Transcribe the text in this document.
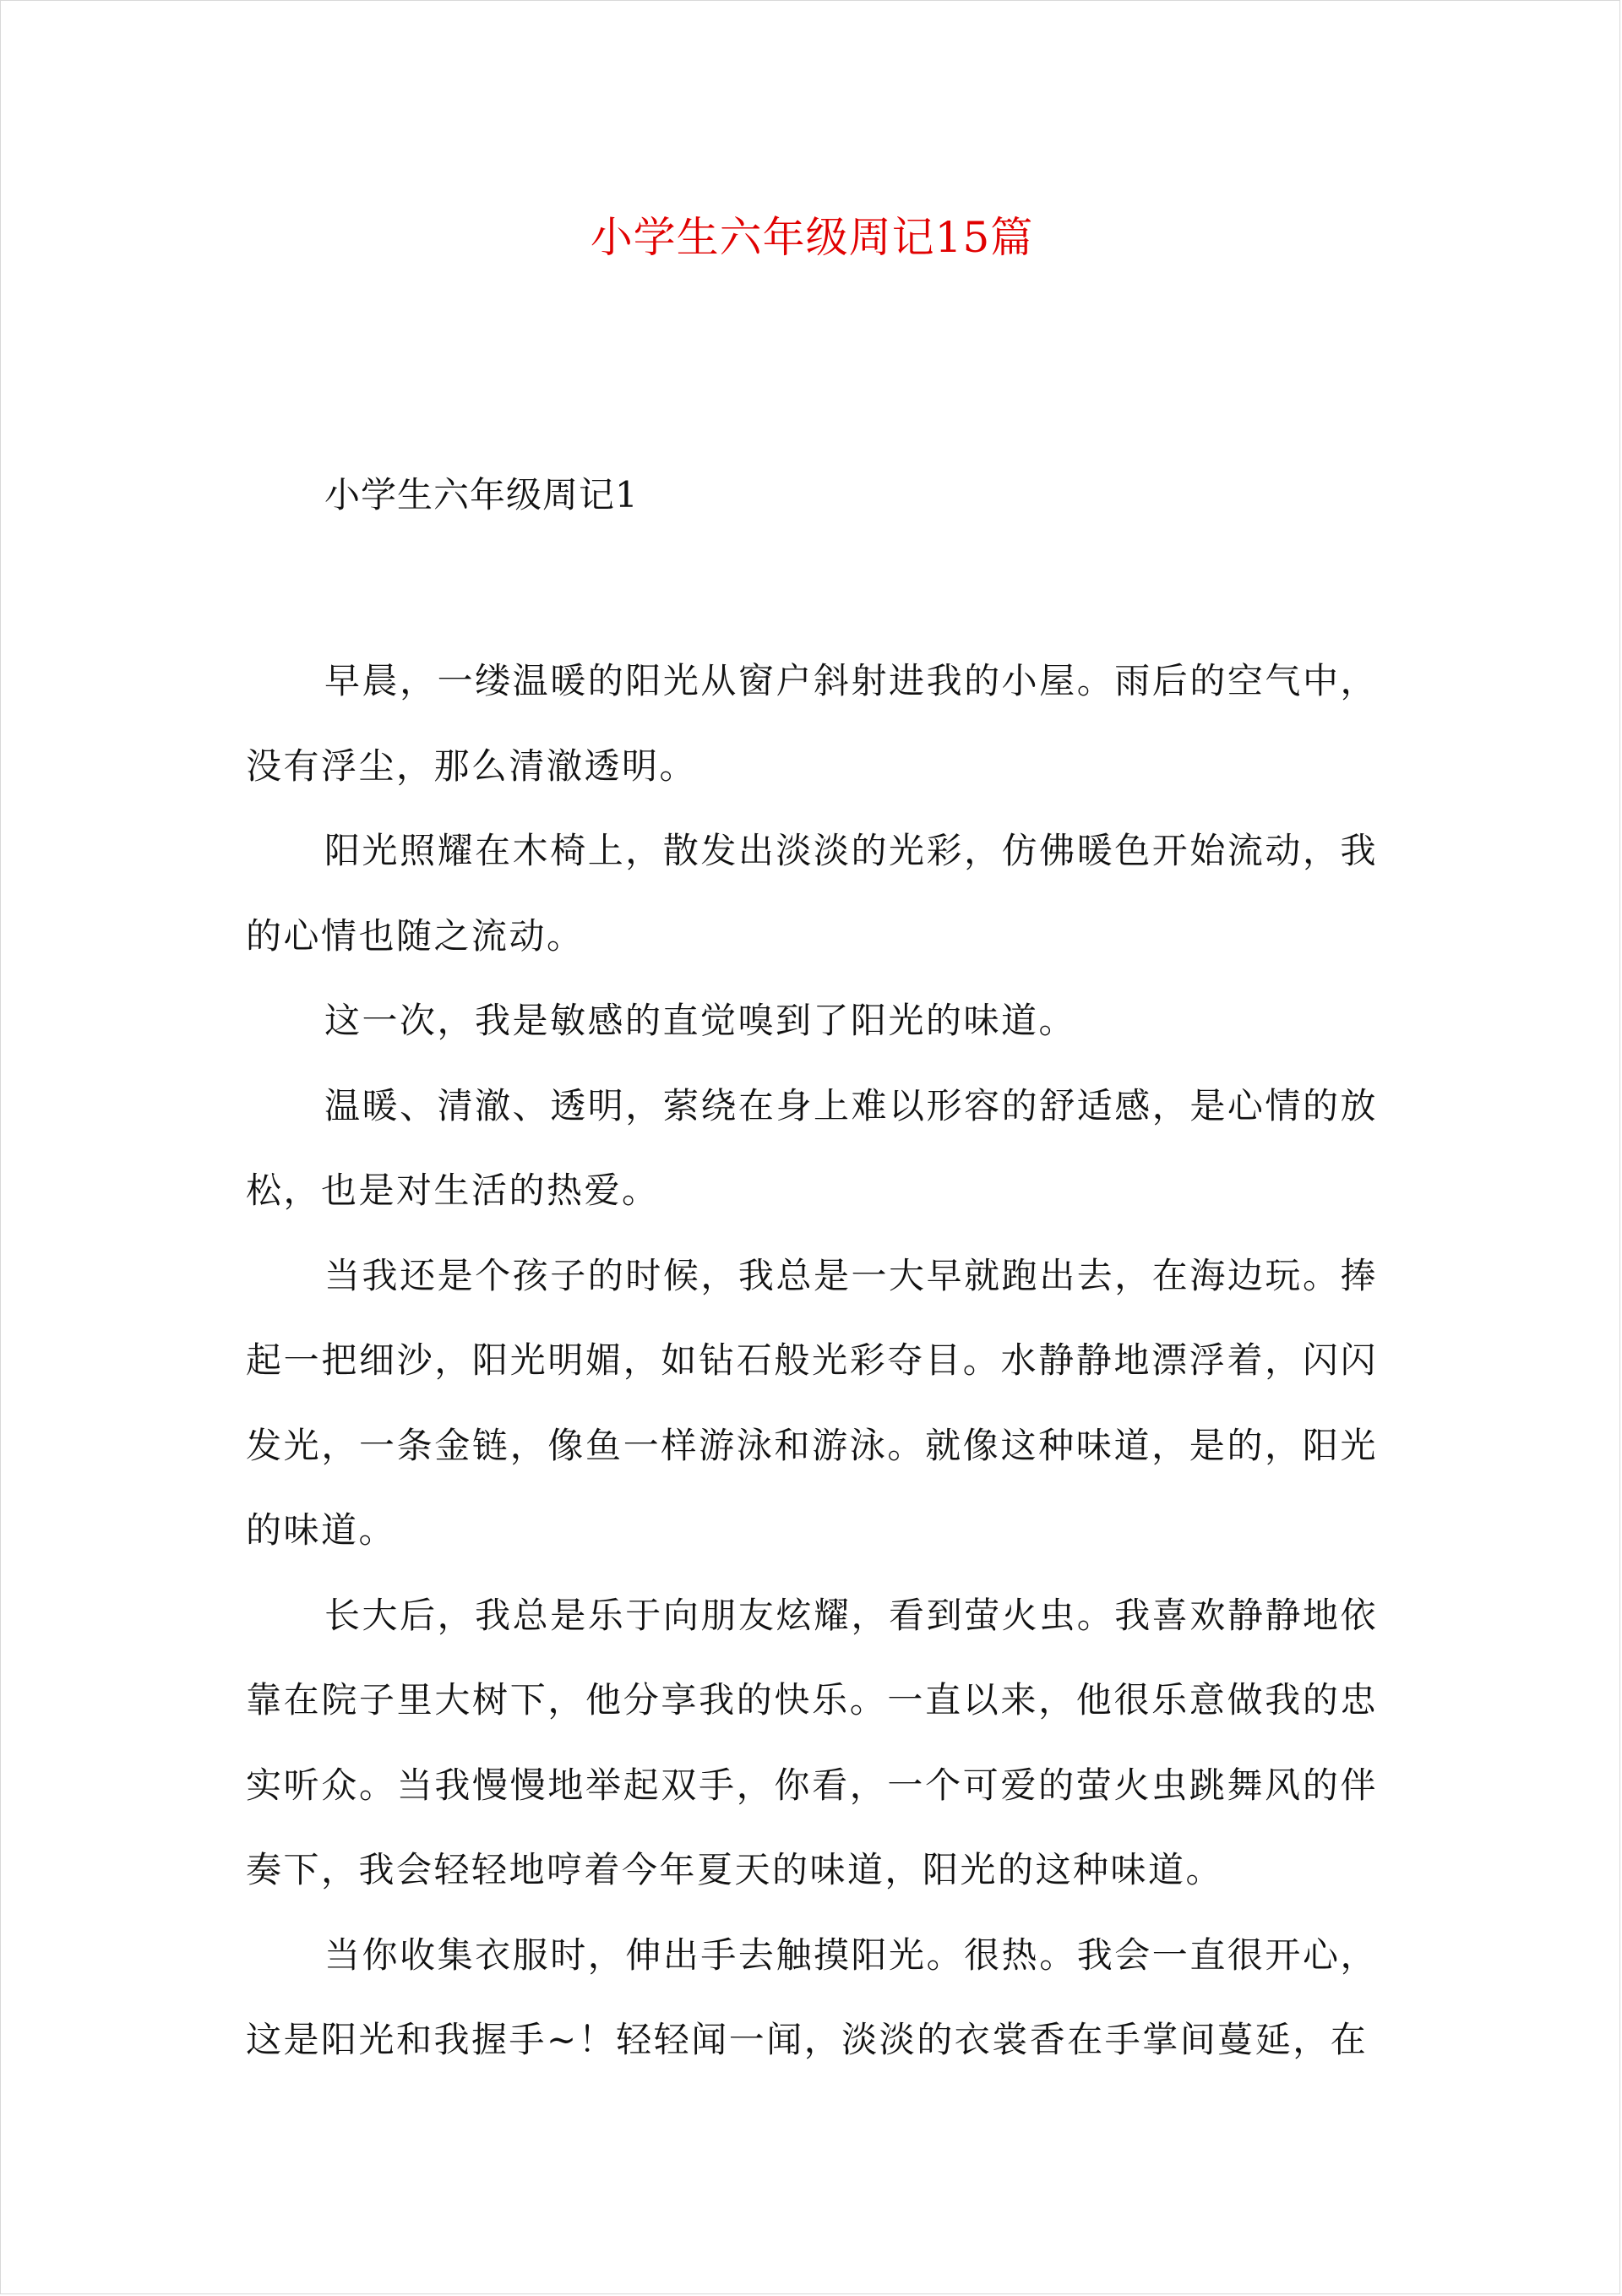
小学生六年级周记15篇
小学生六年级周记1

早晨，一缕温暖的阳光从窗户斜射进我的小屋。雨后的空气中，没有浮尘，那么清澈透明。

阳光照耀在木椅上，散发出淡淡的光彩，仿佛暖色开始流动，我的心情也随之流动。

这一次，我是敏感的直觉嗅到了阳光的味道。

温暖、清澈、透明，萦绕在身上难以形容的舒适感，是心情的放松，也是对生活的热爱。

当我还是个孩子的时候，我总是一大早就跑出去，在海边玩。捧起一把细沙，阳光明媚，如钻石般光彩夺目。水静静地漂浮着，闪闪发光，一条金链，像鱼一样游泳和游泳。就像这种味道，是的，阳光的味道。

长大后，我总是乐于向朋友炫耀，看到萤火虫。我喜欢静静地依靠在院子里大树下，他分享我的快乐。一直以来，他很乐意做我的忠实听众。当我慢慢地举起双手，你看，一个可爱的萤火虫跳舞风的伴奏下，我会轻轻地哼着今年夏天的味道，阳光的这种味道。

当你收集衣服时，伸出手去触摸阳光。很热。我会一直很开心，这是阳光和我握手~！轻轻闻一闻，淡淡的衣裳香在手掌间蔓延，在
